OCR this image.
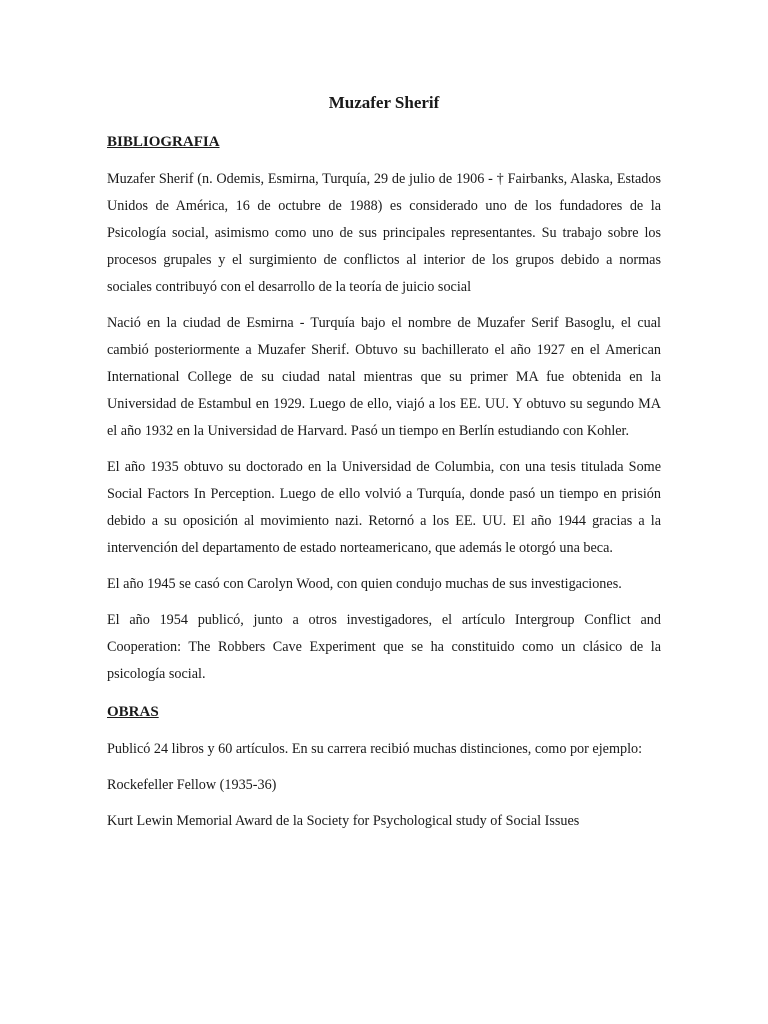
Muzafer Sherif
BIBLIOGRAFIA

Muzafer Sherif (n. Odemis, Esmirna, Turquía, 29 de julio de 1906 - † Fairbanks, Alaska, Estados Unidos de América, 16 de octubre de 1988) es considerado uno de los fundadores de la Psicología social, asimismo como uno de sus principales representantes. Su trabajo sobre los procesos grupales y el surgimiento de conflictos al interior de los grupos debido a normas sociales contribuyó con el desarrollo de la teoría de juicio social

Nació en la ciudad de Esmirna - Turquía bajo el nombre de Muzafer Serif Basoglu, el cual cambió posteriormente a Muzafer Sherif. Obtuvo su bachillerato el año 1927 en el American International College de su ciudad natal mientras que su primer MA fue obtenida en la Universidad de Estambul en 1929. Luego de ello, viajó a los EE. UU. Y obtuvo su segundo MA el año 1932 en la Universidad de Harvard. Pasó un tiempo en Berlín estudiando con Kohler.

El año 1935 obtuvo su doctorado en la Universidad de Columbia, con una tesis titulada Some Social Factors In Perception. Luego de ello volvió a Turquía, donde pasó un tiempo en prisión debido a su oposición al movimiento nazi. Retornó a los EE. UU. El año 1944 gracias a la intervención del departamento de estado norteamericano, que además le otorgó una beca.

El año 1945 se casó con Carolyn Wood, con quien condujo muchas de sus investigaciones.

El año 1954 publicó, junto a otros investigadores, el artículo Intergroup Conflict and Cooperation: The Robbers Cave Experiment que se ha constituido como un clásico de la psicología social.

OBRAS

Publicó 24 libros y 60 artículos. En su carrera recibió muchas distinciones, como por ejemplo:

Rockefeller Fellow (1935-36)

Kurt Lewin Memorial Award de la Society for Psychological study of Social Issues
